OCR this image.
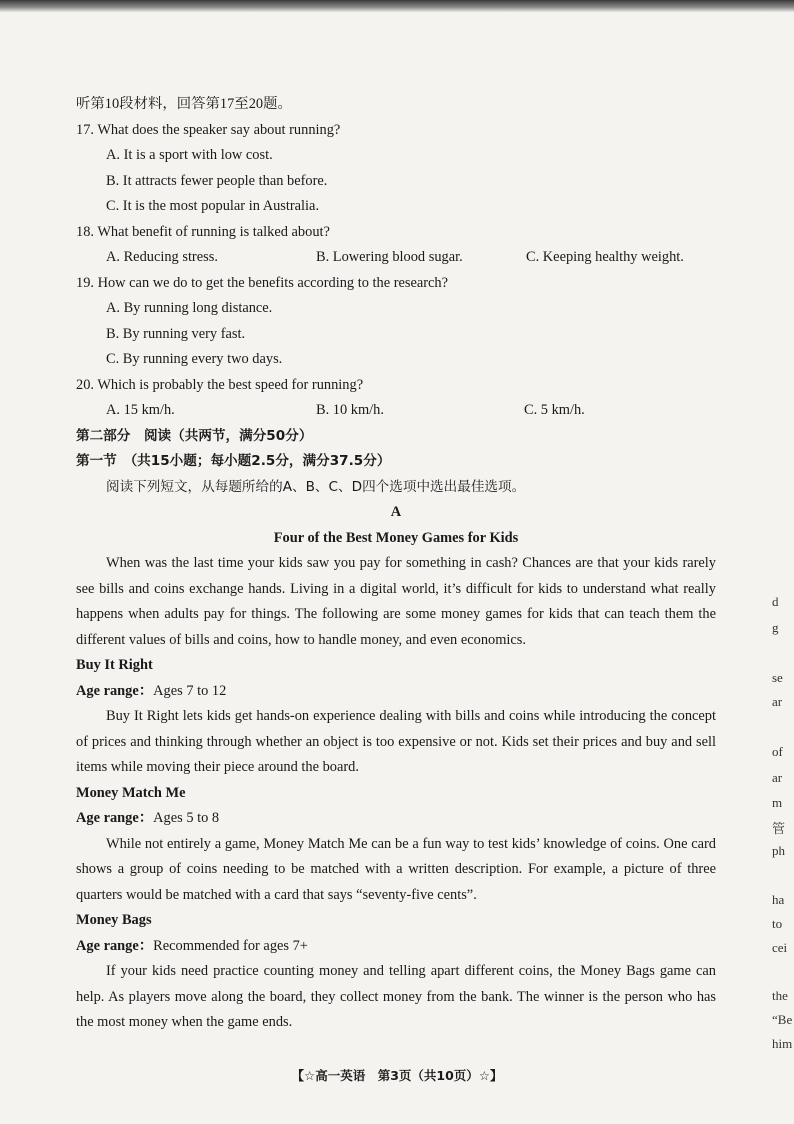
听第10段材料，回答第17至20题。
17. What does the speaker say about running?
A. It is a sport with low cost.
B. It attracts fewer people than before.
C. It is the most popular in Australia.
18. What benefit of running is talked about?
A. Reducing stress.	B. Lowering blood sugar.	C. Keeping healthy weight.
19. How can we do to get the benefits according to the research?
A. By running long distance.
B. By running very fast.
C. By running every two days.
20. Which is probably the best speed for running?
A. 15 km/h.	B. 10 km/h.	C. 5 km/h.
第二部分　阅读（共两节，满分50分）
第一节　（共15小题；每小题2.5分，满分37.5分）
阅读下列短文，从每题所给的A、B、C、D四个选项中选出最佳选项。
A
Four of the Best Money Games for Kids

When was the last time your kids saw you pay for something in cash? Chances are that your kids rarely see bills and coins exchange hands. Living in a digital world, it’s difficult for kids to understand what really happens when adults pay for things. The following are some money games for kids that can teach them the different values of bills and coins, how to handle money, and even economics.

Buy It Right
Age range：Ages 7 to 12

Buy It Right lets kids get hands-on experience dealing with bills and coins while introducing the concept of prices and thinking through whether an object is too expensive or not. Kids set their prices and buy and sell items while moving their piece around the board.

Money Match Me
Age range：Ages 5 to 8

While not entirely a game, Money Match Me can be a fun way to test kids’ knowledge of coins. One card shows a group of coins needing to be matched with a written description. For example, a picture of three quarters would be matched with a card that says “seventy-five cents”.

Money Bags
Age range：Recommended for ages 7+

If your kids need practice counting money and telling apart different coins, the Money Bags game can help. As players move along the board, they collect money from the bank. The winner is the person who has the most money when the game ends.

【☆高一英语　第3页（共10页）☆】
d
g
se
ar
of
ar
m
管
ph
ha
to
cei
the
“Be
him
